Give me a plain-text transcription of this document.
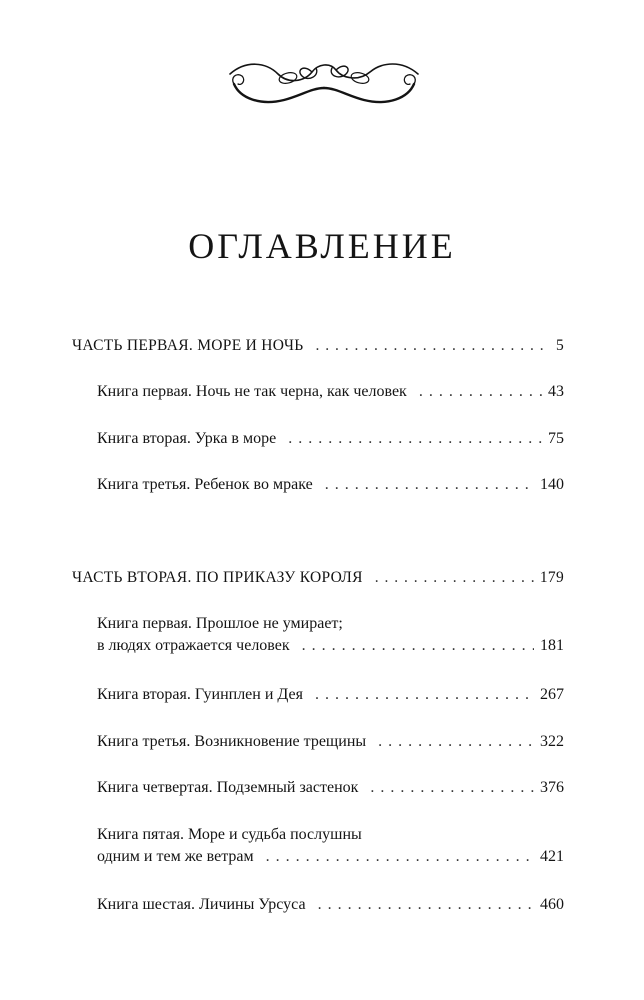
ОГЛАВЛЕНИЕ
ЧАСТЬ ПЕРВАЯ. МОРЕ И НОЧЬ . . .	5
Книга первая. Ночь не так черна, как человек . . .	43
Книга вторая. Урка в море . . .	75
Книга третья. Ребенок во мраке . . .	140
ЧАСТЬ ВТОРАЯ. ПО ПРИКАЗУ КОРОЛЯ . . .	179
Книга первая. Прошлое не умирает;
в людях отражается человек . . .	181
Книга вторая. Гуинплен и Дея . . .	267
Книга третья. Возникновение трещины . . .	322
Книга четвертая. Подземный застенок . . .	376
Книга пятая. Море и судьба послушны
одним и тем же ветрам . . .	421
Книга шестая. Личины Урсуса . . .	460
